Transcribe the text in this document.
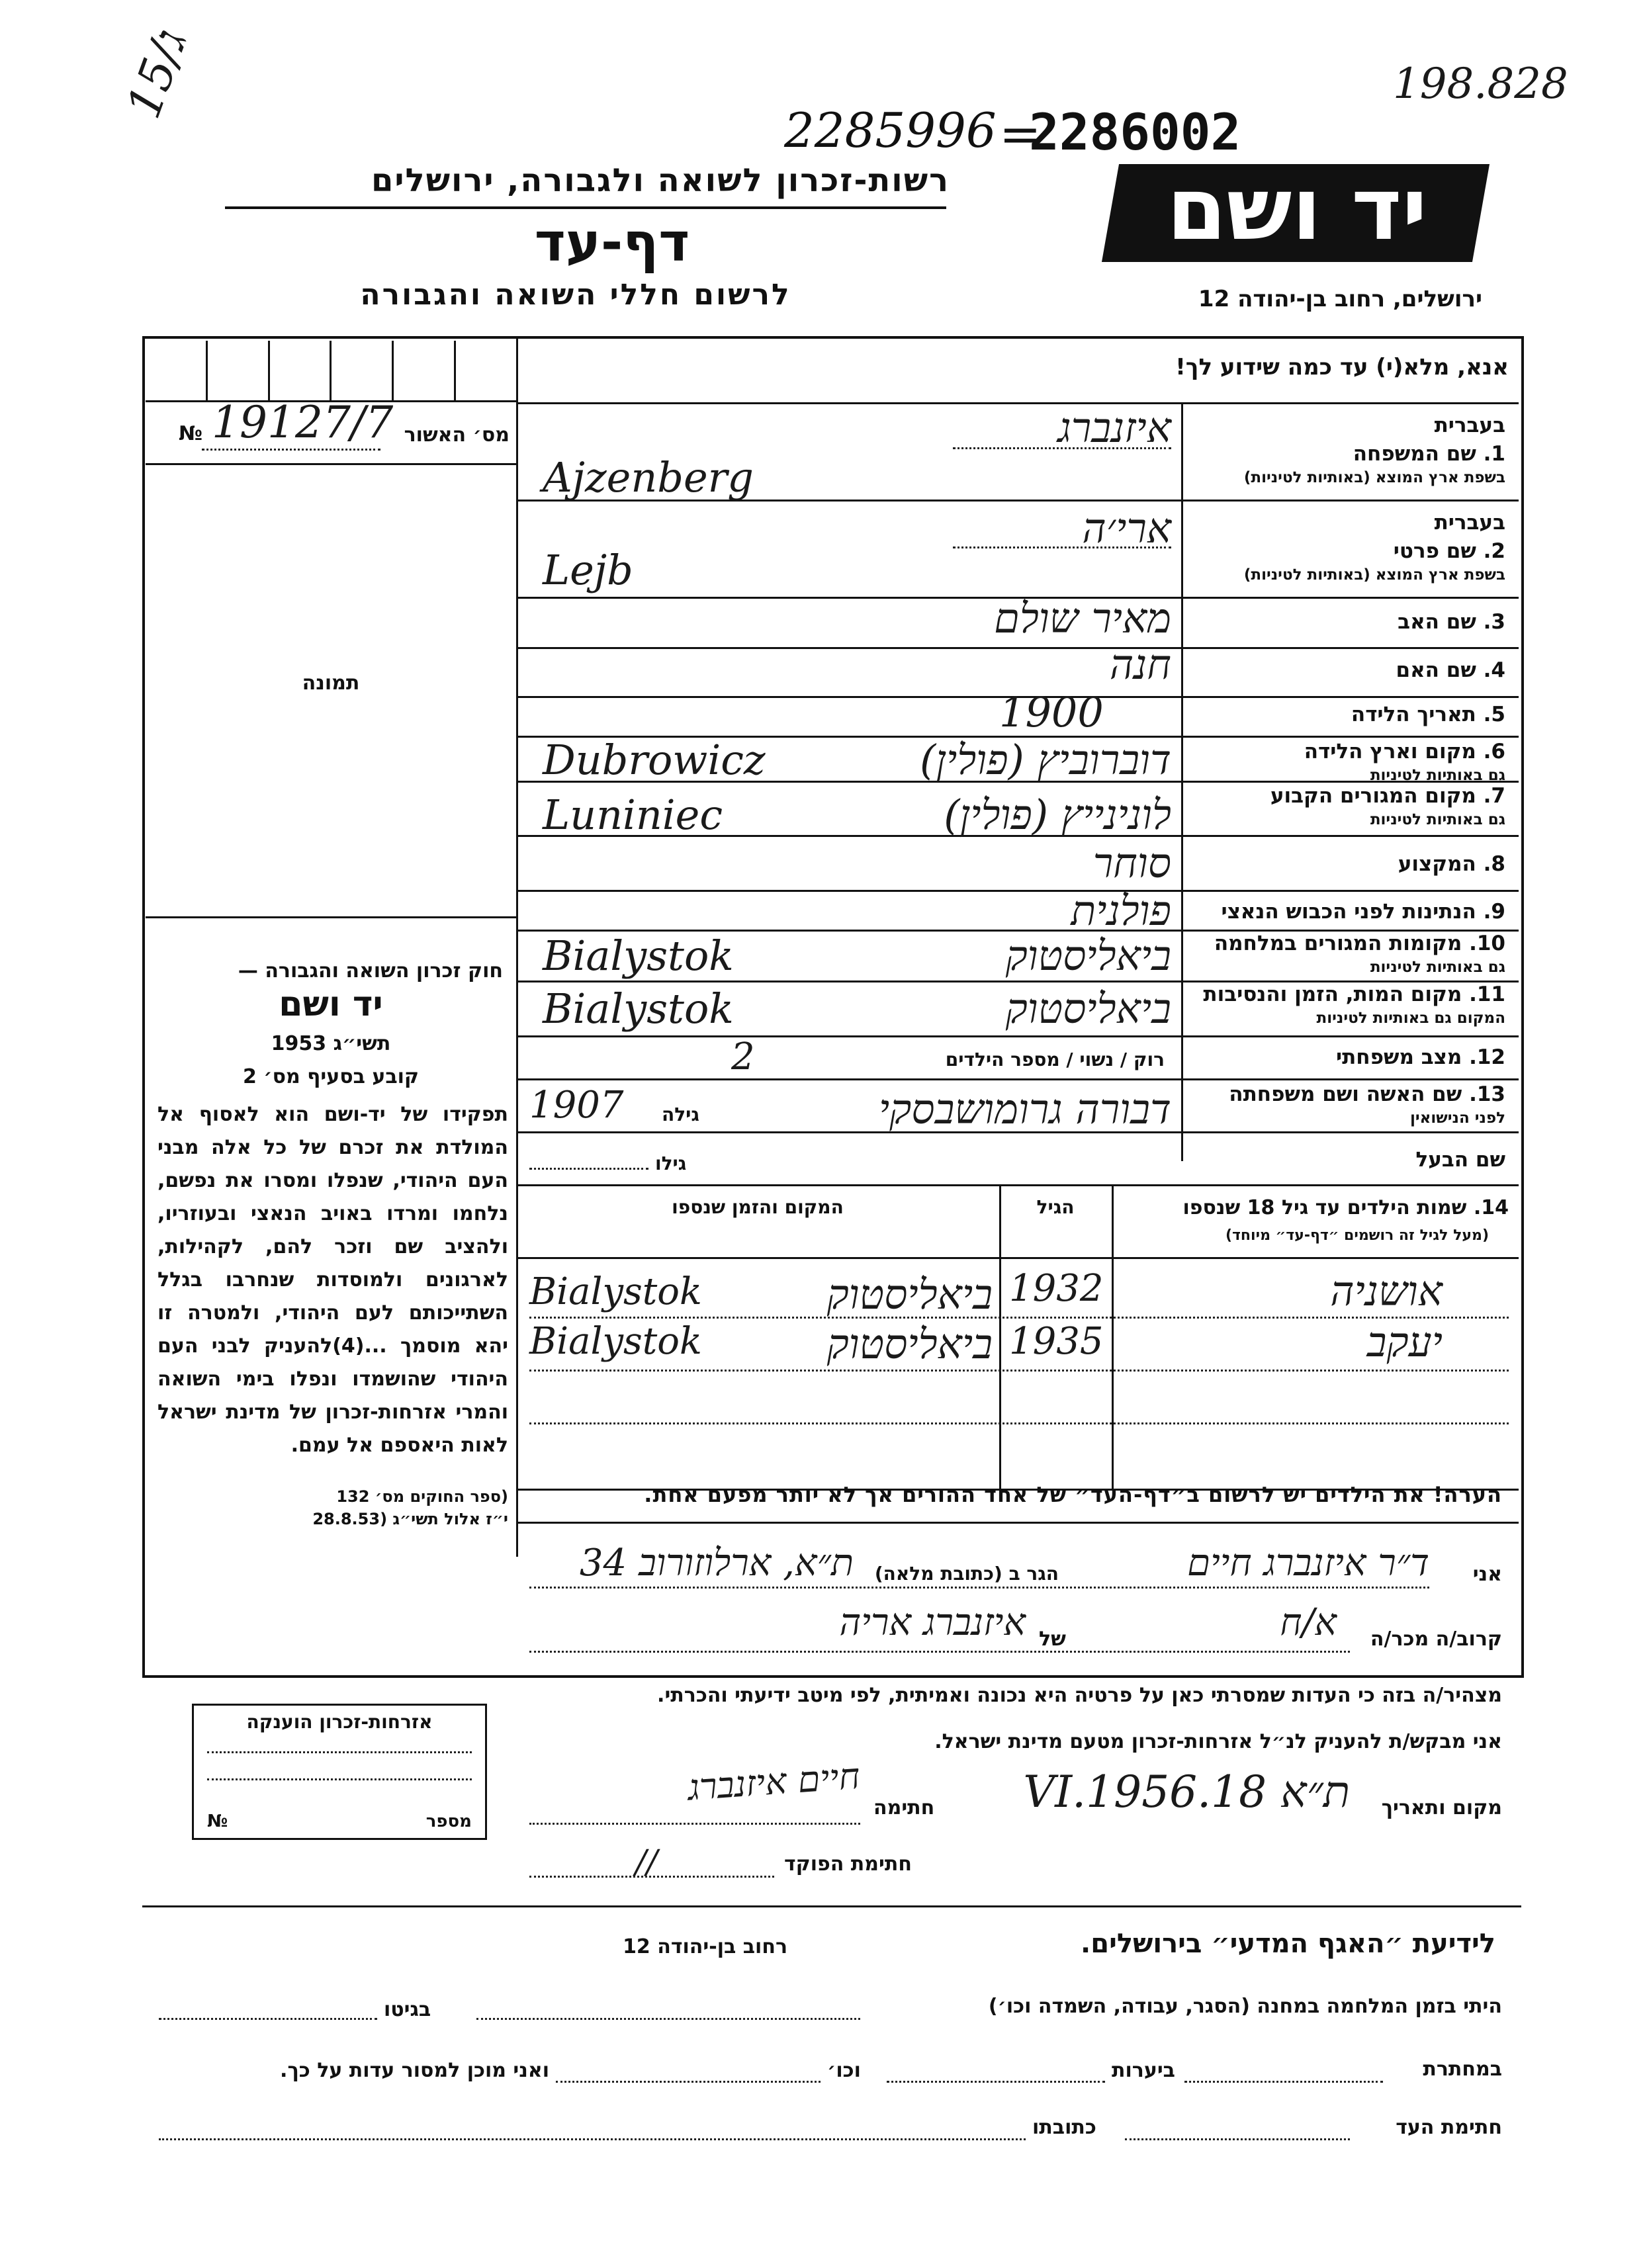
15/ג
198.828
2285996 =
2286002
רשות-זכרון לשואה ולגבורה, ירושלים
דף-עד
לרשום חללי השואה והגבורה
יד ושם
ירושלים, רחוב בן-יהודה 12
מס׳ האשור
№ 19127/7
תמונה
חוק זכרון השואה והגבורה —
יד ושם
תשי״ג 1953
קובע בסעיף מס׳ 2
תפקידו של יד-ושם הוא לאסוף אל המולדת את זכרם של כל אלה מבני העם היהודי, שנפלו ומסרו את נפשם, נלחמו ומרדו באויב הנאצי ובעוזריו, ולהציב שם וזכר להם, לקהילות, לארגונים ולמוסדות שנחרבו בגלל השתייכותם לעם היהודי, ולמטרה זו יהא מוסמך ...(4)להעניק לבני העם היהודי שהושמדו ונפלו בימי השואה והמרי אזרחות-זכרון של מדינת ישראל לאות היאספם אל עמם.
(ספר החוקים מס׳ 132
י״ז אלול תשי״ג (28.8.53
אנא, מלא(י) עד כמה שידוע לך!
בעברית
1. שם המשפחה
בשפת ארץ המוצא (באותיות לטיניות)
איזנברג
Ajzenberg
בעברית
2. שם פרטי
בשפת ארץ המוצא (באותיות לטיניות)
ארי׳ה
Lejb
3. שם האב
מאיר שולם
4. שם האם
חנה
5. תאריך הלידה
1900
6. מקום וארץ הלידה
גם באותיות לטיניות
דוברוביץ (פולין)
Dubrowicz
7. מקום המגורים הקבוע
גם באותיות לטיניות
לונינייץ (פולין)
Luniniec
8. המקצוע
סוחר
9. הנתינות לפני הכבוש הנאצי
פולנית
10. מקומות המגורים במלחמה
גם באותיות לטיניות
ביאליסטוק
Bialystok
11. מקום המות, הזמן והנסיבות
המקום גם באותיות לטיניות
ביאליסטוק
Bialystok
12. מצב משפחתי
רוק / נשוי / מספר הילדים
2
13. שם האשה ושם משפחתה
לפני הנישואין
דבורה גרומושבסקי
גילה
1907
שם הבעל
גילו
14. שמות הילדים עד גיל 18 שנספו
(מעל לגיל זה רושמים ״דף-עד״ מיוחד)
הגיל
המקום והזמן שנספו
אושניה
1932
ביאליסטוק
Bialystok
יעקב
1935
ביאליסטוק
Bialystok
הערה! את הילדים יש לרשום ב״דף-העד״ של אחד ההורים אך לא יותר מפעם אחת.
אני
ד״ר איזנברג חיים
הגר ב (כתובת מלאה)
ת״א, ארלוזורוב 34
קרוב/ה מכר/ה
א/ח
של
איזנברג אריה
מצהיר/ה בזה כי העדות שמסרתי כאן על פרטיה היא נכונה ואמיתית, לפי מיטב ידיעתי והכרתי.
אני מבקש/ת להעניק לנ״ל אזרחות-זכרון מטעם מדינת ישראל.
מקום ותאריך
ת״א 18.VI.1956
חתימה
חיים איזנברג
חתימת הפוקד
//
אזרחות-זכרון הוענקה
№	מספר
לידיעת ״האגף המדעי״ בירושלים.
רחוב בן-יהודה 12
היתי בזמן המלחמה במחנה (הסגר, עבודה, השמדה וכו׳)
בגיטו
במחתרת
ביערות
וכו׳
ואני מוכן למסור עדות על כך.
חתימת העד
כתובתו
